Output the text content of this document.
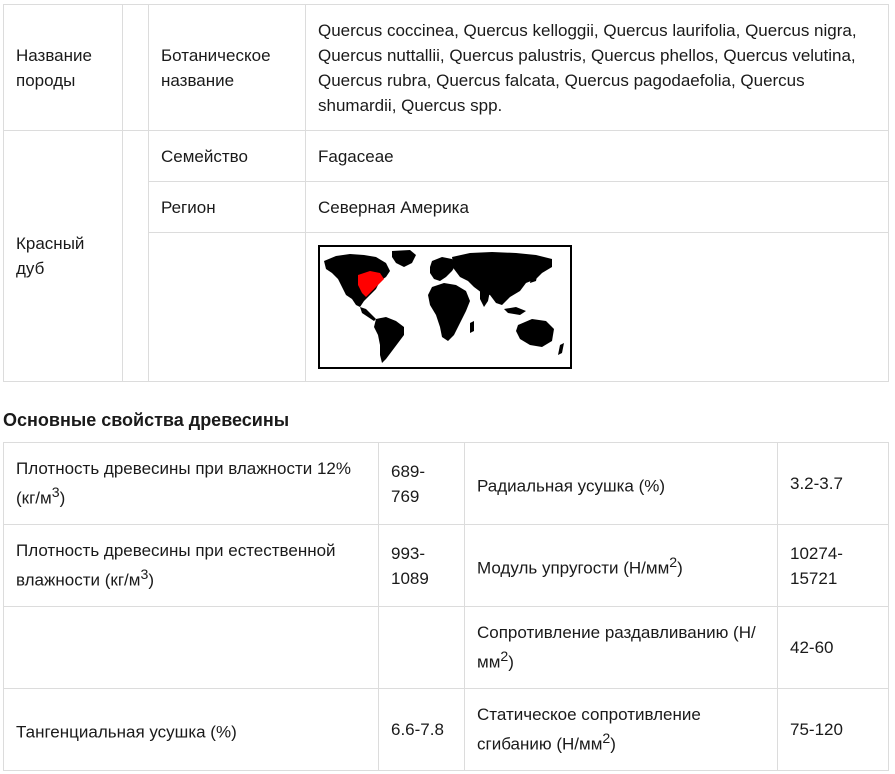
Название породы		Ботаническое название	Quercus coccinea, Quercus kelloggii, Quercus laurifolia, Quercus nigra, Quercus nuttallii, Quercus palustris, Quercus phellos, Quercus velutina, Quercus rubra, Quercus falcata, Quercus pagodaefolia, Quercus shumardii, Quercus spp.
Красный дуб		Семейство	Fagaceae
		Регион	Северная Америка

Основные свойства древесины
Плотность древесины при влажности 12% $(кг/м^3)$	689-769	Радиальная усушка (%)	3.2-3.7
Плотность древесины при естественной влажности $(кг/м^3)$	993-1089	Модуль упругости $(Н/мм^2)$	10274-15721
		Сопротивление раздавливанию $(Н/мм^2)$	42-60
Тангенциальная усушка (%)	6.6-7.8	Статическое сопротивление сгибанию $(Н/мм^2)$	75-120
